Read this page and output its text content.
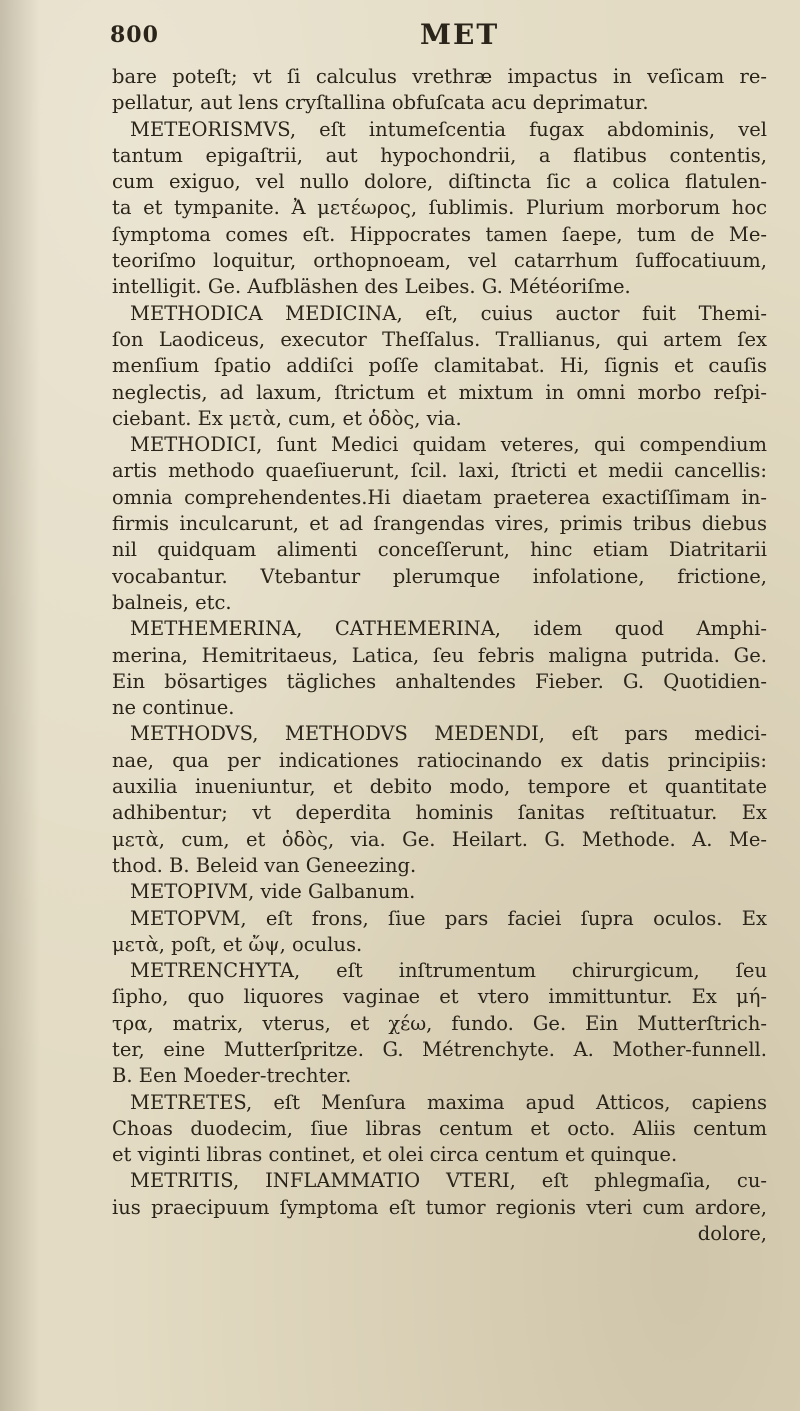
800	MET
bare poteſt; vt ſi calculus vrethræ impactus in veſicam re-
pellatur, aut lens cryſtallina obfuſcata acu deprimatur.
METEORISMVS, eſt intumeſcentia fugax abdominis, vel
tantum epigaſtrii, aut hypochondrii, a flatibus contentis,
cum exiguo, vel nullo dolore, diſtincta ſic a colica flatulen-
ta et tympanite. Ἀ μετέωρος, ſublimis. Plurium morborum hoc
ſymptoma comes eſt. Hippocrates tamen ſaepe, tum de Me-
teoriſmo loquitur, orthopnoeam, vel catarrhum ſuffocatiuum,
intelligit. Ge. Aufbläshen des Leibes. G. Météoriſme.
METHODICA MEDICINA, eſt, cuius auctor fuit Themi-
ſon Laodiceus, executor Theſſalus. Trallianus, qui artem ſex
menſium ſpatio addiſci poſſe clamitabat. Hi, ſignis et cauſis
neglectis, ad laxum, ſtrictum et mixtum in omni morbo reſpi-
ciebant. Ex μετὰ, cum, et ὁδὸς, via.
METHODICI, ſunt Medici quidam veteres, qui compendium
artis methodo quaeſiuerunt, ſcil. laxi, ſtricti et medii cancellis:
omnia comprehendentes.Hi diaetam praeterea exactiſſimam in-
firmis inculcarunt, et ad ſrangendas vires, primis tribus diebus
nil quidquam alimenti conceſſerunt, hinc etiam Diatritarii
vocabantur. Vtebantur plerumque infolatione, frictione,
balneis, etc.
METHEMERINA, CATHEMERINA, idem quod Amphi-
merina, Hemitritaeus, Latica, ſeu febris maligna putrida. Ge.
Ein bösartiges tägliches anhaltendes Fieber. G. Quotidien-
ne continue.
METHODVS, METHODVS MEDENDI, eſt pars medici-
nae, qua per indicationes ratiocinando ex datis principiis:
auxilia inueniuntur, et debito modo, tempore et quantitate
adhibentur; vt deperdita hominis ſanitas reſtituatur. Ex
μετὰ, cum, et ὁδὸς, via. Ge. Heilart. G. Methode. A. Me-
thod. B. Beleid van Geneezing.
METOPIVM, vide Galbanum.
METOPVM, eſt frons, ſiue pars faciei ſupra oculos. Ex
μετὰ, poſt, et ὤψ, oculus.
METRENCHYTA, eſt inſtrumentum chirurgicum, ſeu
ſipho, quo liquores vaginae et vtero immittuntur. Ex μή-
τρα, matrix, vterus, et χέω, fundo. Ge. Ein Mutterſtrich-
ter, eine Mutterſpritze. G. Métrenchyte. A. Mother-funnell.
B. Een Moeder-trechter.
METRETES, eſt Menſura maxima apud Atticos, capiens
Choas duodecim, ſiue libras centum et octo. Aliis centum
et viginti libras continet, et olei circa centum et quinque.
METRITIS, INFLAMMATIO VTERI, eſt phlegmaſia, cu-
ius praecipuum ſymptoma eſt tumor regionis vteri cum ardore,
dolore,
